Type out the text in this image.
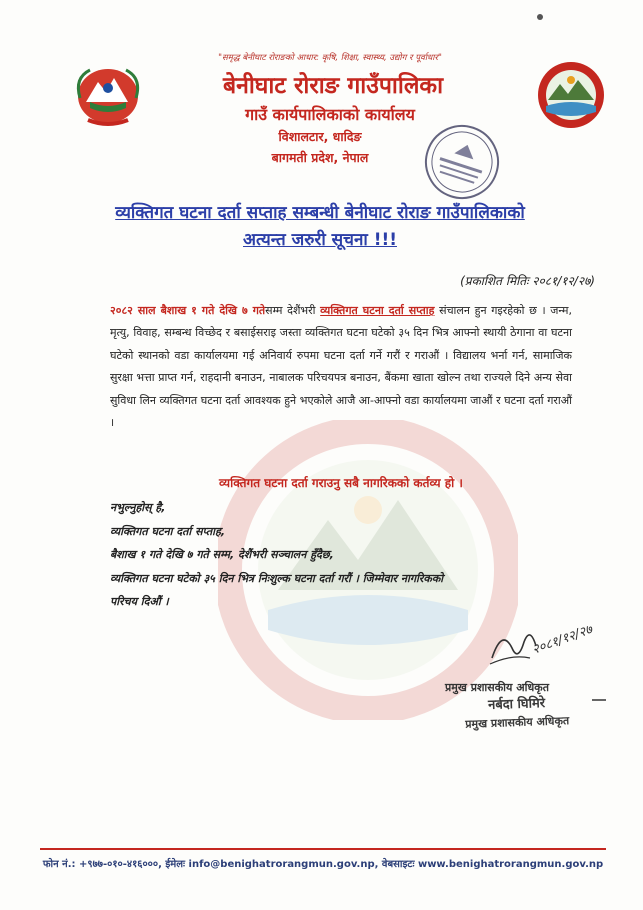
"समृद्ध बेनीघाट रोराङको आधार: कृषि, शिक्षा, स्वास्थ्य, उद्योग र पूर्वाधार"
बेनीघाट रोराङ गाउँपालिका
गाउँ कार्यपालिकाको कार्यालय
विशालटार, धादिङ
बागमती प्रदेश, नेपाल
व्यक्तिगत घटना दर्ता सप्ताह सम्बन्धी बेनीघाट रोराङ गाउँपालिकाको अत्यन्त जरुरी सूचना !!!
(प्रकाशित मितिः २०८१/१२/२७)
२०८२ साल बैशाख १ गते देखि ७ गतेसम्म देशैंभरी व्यक्तिगत घटना दर्ता सप्ताह संचालन हुन गइरहेको छ । जन्म, मृत्यु, विवाह, सम्बन्ध विच्छेद र बसाईसराइ जस्ता व्यक्तिगत घटना घटेको ३५ दिन भित्र आफ्नो स्थायी ठेगाना वा घटना घटेको स्थानको वडा कार्यालयमा गई अनिवार्य रुपमा घटना दर्ता गर्ने गरौं र गराऔं । विद्यालय भर्ना गर्न, सामाजिक सुरक्षा भत्ता प्राप्त गर्न, राहदानी बनाउन, नाबालक परिचयपत्र बनाउन, बैंकमा खाता खोल्न तथा राज्यले दिने अन्य सेवा सुविधा लिन व्यक्तिगत घटना दर्ता आवश्यक हुने भएकोले आजै आ-आफ्नो वडा कार्यालयमा जाऔं र घटना दर्ता गराऔं ।
व्यक्तिगत घटना दर्ता गराउनु सबै नागरिकको कर्तव्य हो ।
नभुल्नुहोस् है,
व्यक्तिगत घटना दर्ता सप्ताह,
बैशाख १ गते देखि ७ गते सम्म, देशैंभरी सञ्चालन हुँदैछ,
व्यक्तिगत घटना घटेको ३५ दिन भित्र निःशुल्क घटना दर्ता गरौं । जिम्मेवार नागरिकको
परिचय दिऔं ।
२०८१/१२/२७
प्रमुख प्रशासकीय अधिकृत
नर्बदा घिमिरे
प्रमुख प्रशासकीय अधिकृत
फोन नं.: +९७७-०१०-४१६०००, ईमेलः info@benighatrorangmun.gov.np, वेबसाइटः www.benighatrorangmun.gov.np
